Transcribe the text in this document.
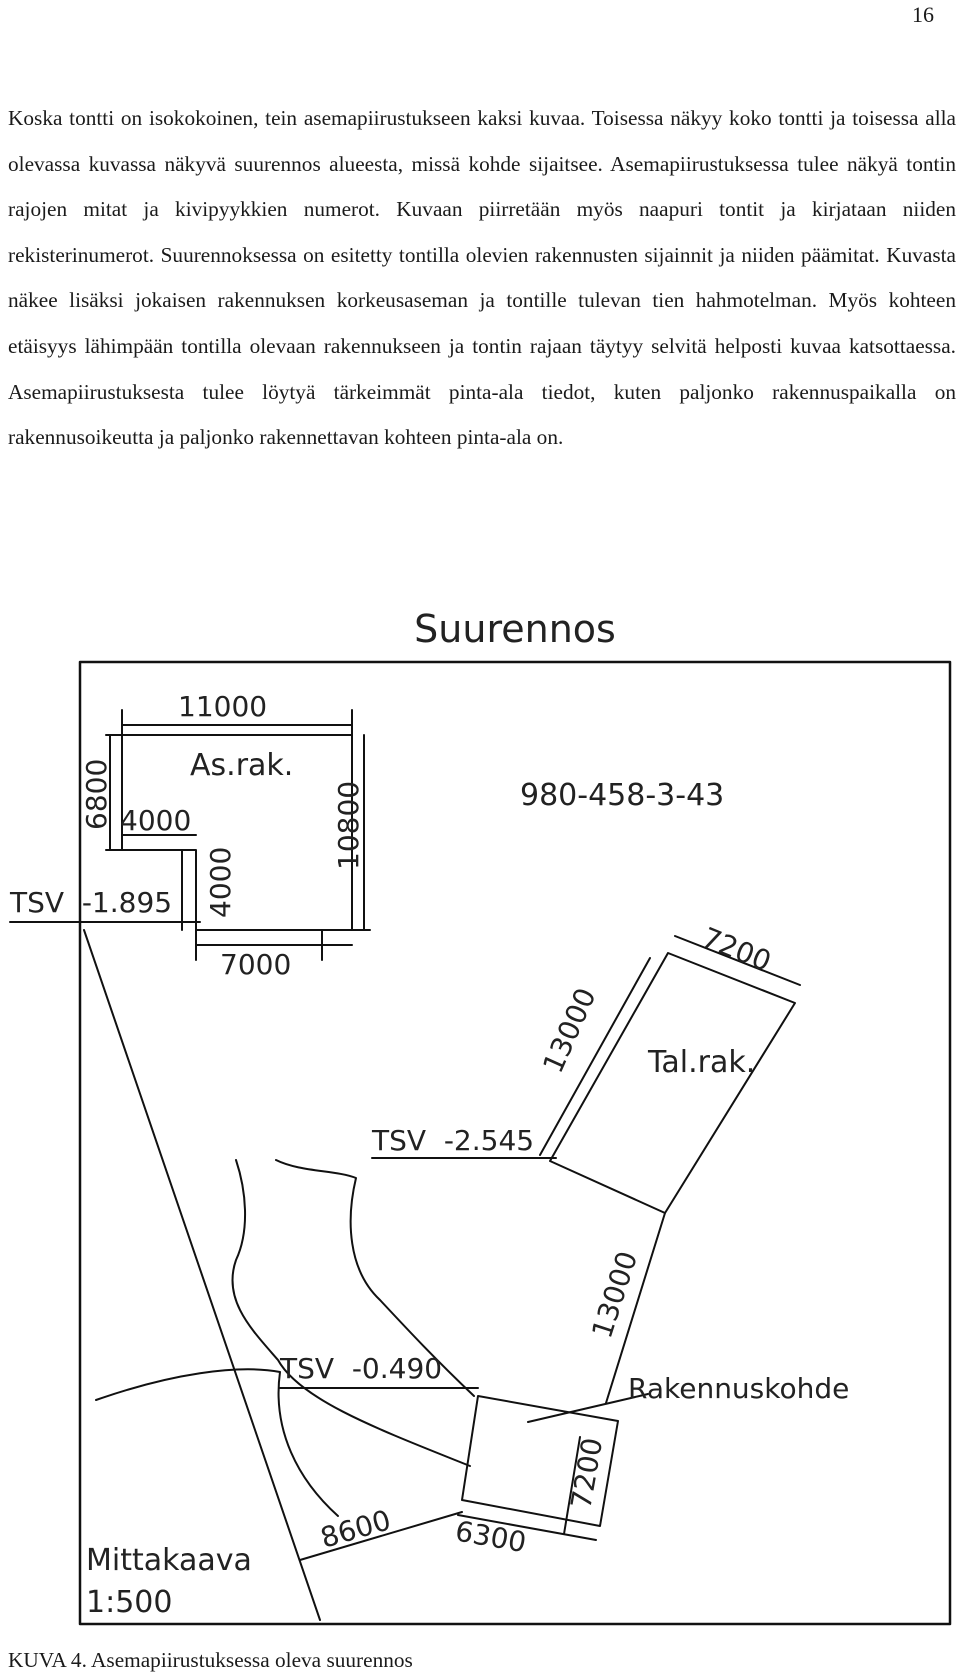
16

Koska tontti on isokokoinen, tein asemapiirustukseen kaksi kuvaa. Toisessa näkyy koko tontti ja toisessa alla olevassa kuvassa näkyvä suurennos alueesta, missä kohde sijaitsee. Asemapiirustuksessa tulee näkyä tontin rajojen mitat ja kivipyykkien numerot. Kuvaan piirretään myös naapuri tontit ja kirjataan niiden rekisterinumerot. Suurennoksessa on esitetty tontilla olevien rakennusten sijainnit ja niiden päämitat. Kuvasta näkee lisäksi jokaisen rakennuksen korkeusaseman ja tontille tulevan tien hahmotelman. Myös kohteen etäisyys lähimpään tontilla olevaan rakennukseen ja tontin rajaan täytyy selvitä helposti kuvaa katsottaessa. Asemapiirustuksesta tulee löytyä tärkeimmät pinta-ala tiedot, kuten paljonko rakennuspaikalla on rakennusoikeutta ja paljonko rakennettavan kohteen pinta-ala on.

Suurennos
11000
As.rak.
980-458-3-43
4000
7000
TSV  -1.895
Tal.rak.
TSV  -2.545
Rakennuskohde
TSV  -0.490
Mittakaava
1:500
6800
4000
10800
7200
13000
13000
7200
6300
8600
KUVA 4. Asemapiirustuksessa oleva suurennos
